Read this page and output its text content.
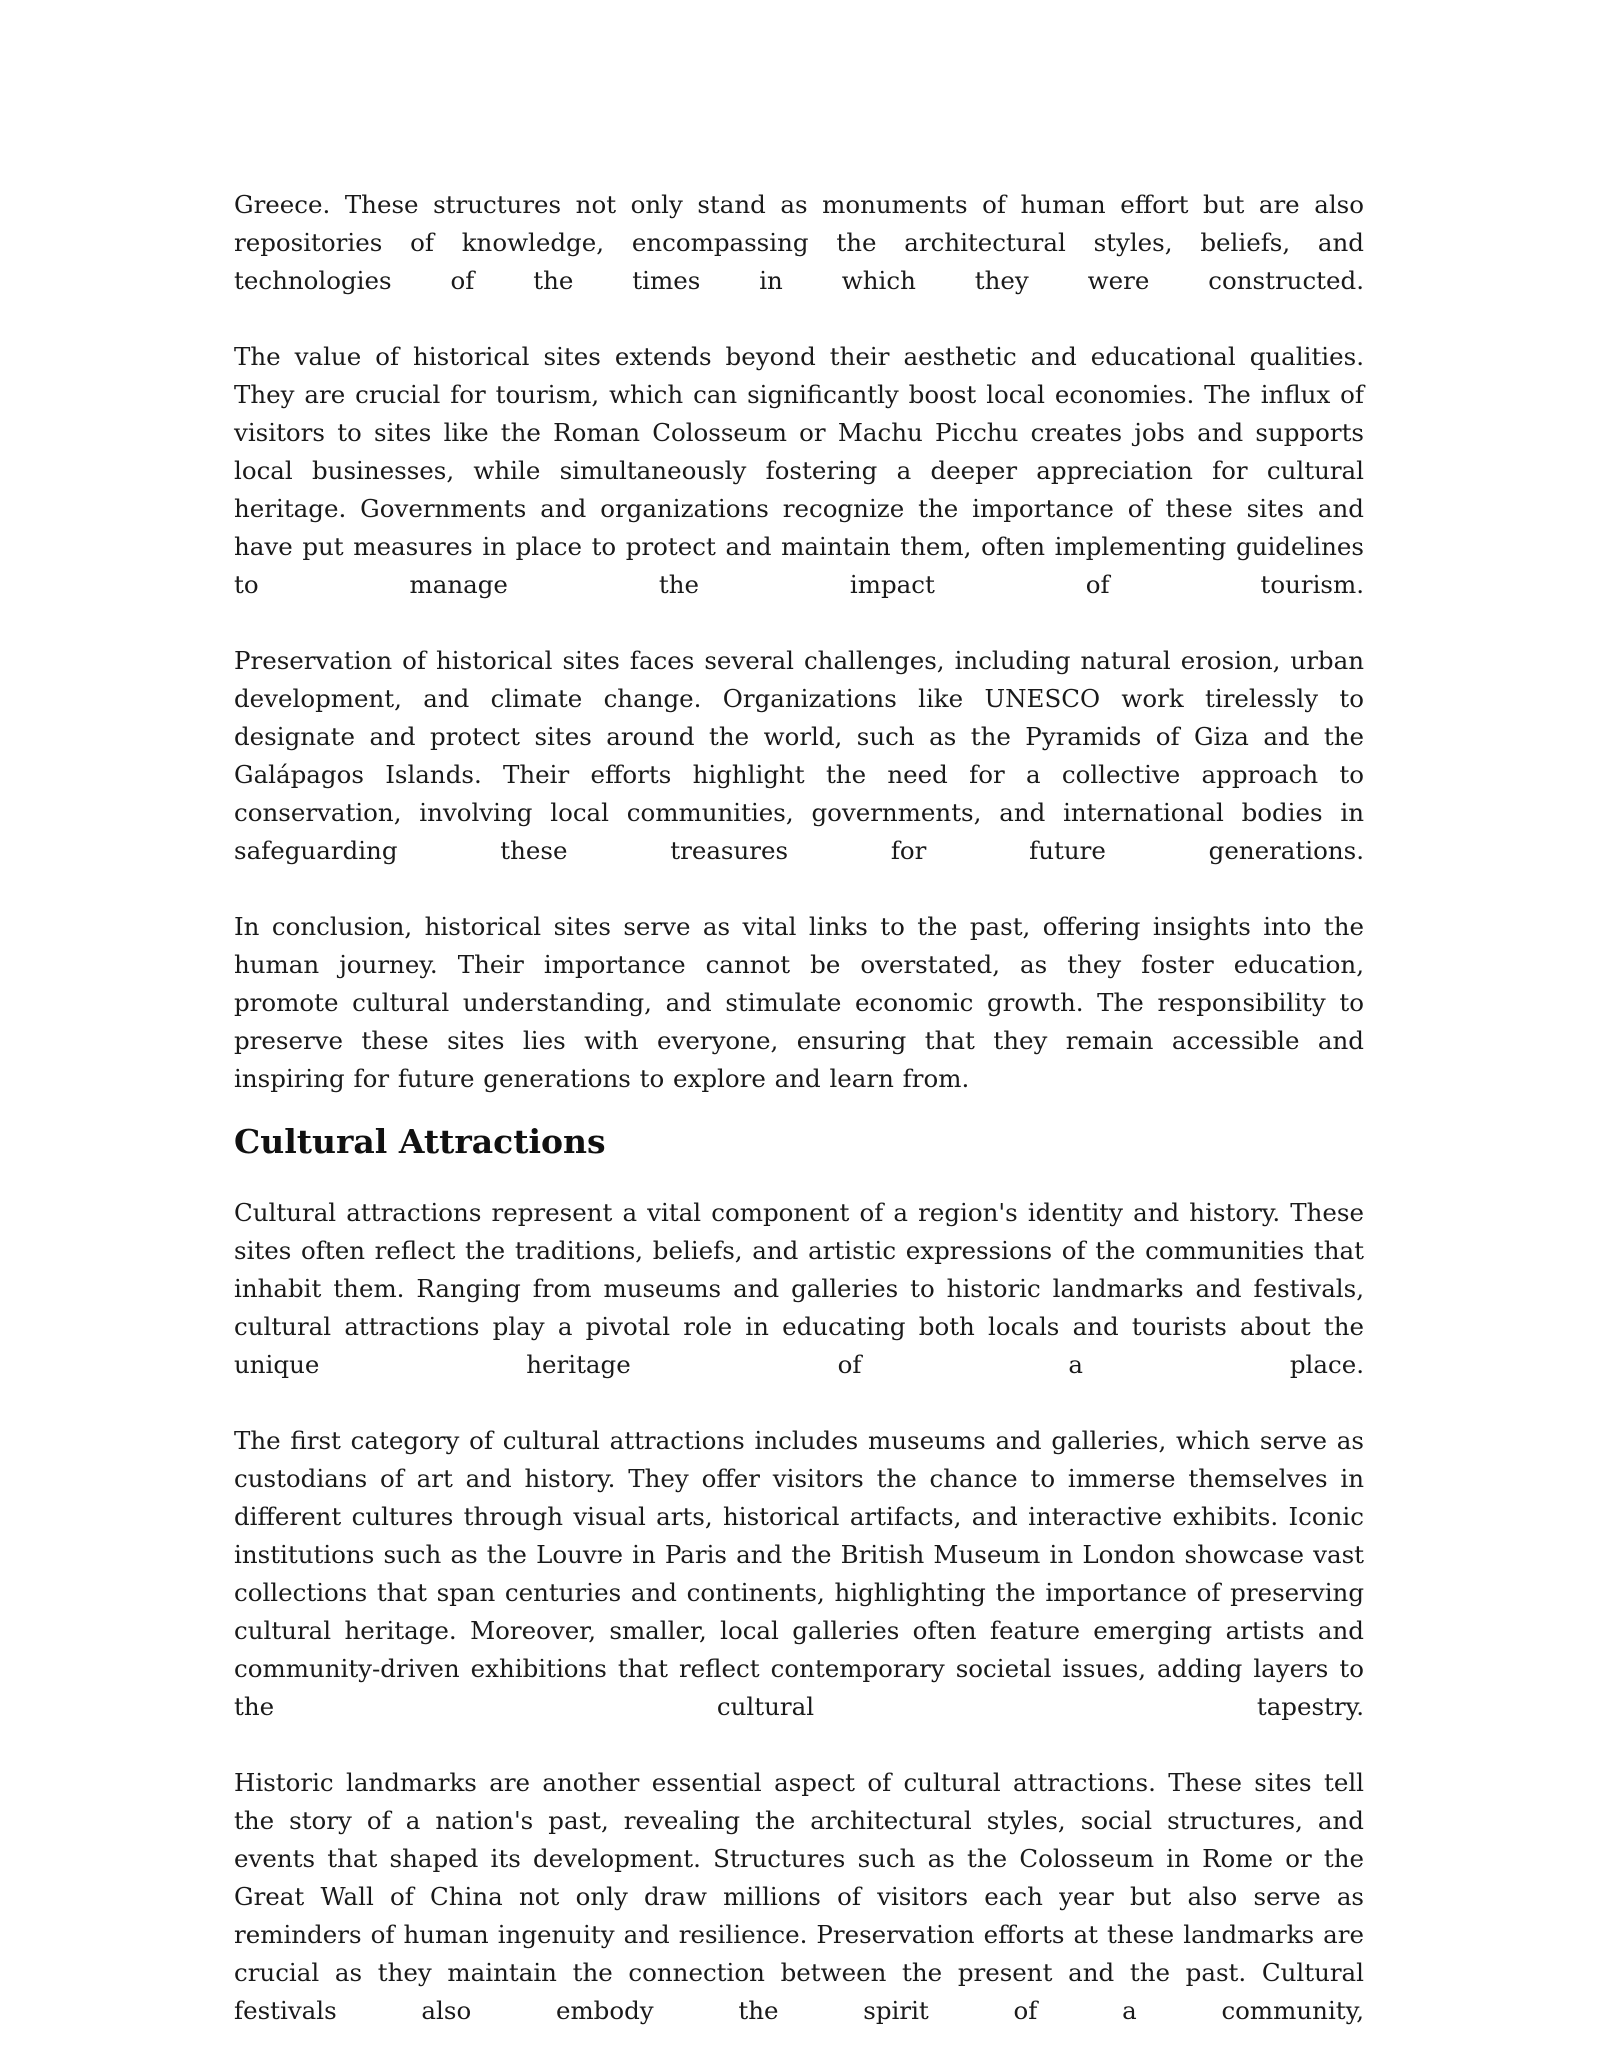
Greece. These structures not only stand as monuments of human effort but are also repositories of knowledge, encompassing the architectural styles, beliefs, and technologies of the times in which they were constructed.

The value of historical sites extends beyond their aesthetic and educational qualities. They are crucial for tourism, which can significantly boost local economies. The influx of visitors to sites like the Roman Colosseum or Machu Picchu creates jobs and supports local businesses, while simultaneously fostering a deeper appreciation for cultural heritage. Governments and organizations recognize the importance of these sites and have put measures in place to protect and maintain them, often implementing guidelines to manage the impact of tourism.

Preservation of historical sites faces several challenges, including natural erosion, urban development, and climate change. Organizations like UNESCO work tirelessly to designate and protect sites around the world, such as the Pyramids of Giza and the Galápagos Islands. Their efforts highlight the need for a collective approach to conservation, involving local communities, governments, and international bodies in safeguarding these treasures for future generations.

In conclusion, historical sites serve as vital links to the past, offering insights into the human journey. Their importance cannot be overstated, as they foster education, promote cultural understanding, and stimulate economic growth. The responsibility to preserve these sites lies with everyone, ensuring that they remain accessible and inspiring for future generations to explore and learn from.

Cultural Attractions

Cultural attractions represent a vital component of a region's identity and history. These sites often reflect the traditions, beliefs, and artistic expressions of the communities that inhabit them. Ranging from museums and galleries to historic landmarks and festivals, cultural attractions play a pivotal role in educating both locals and tourists about the unique heritage of a place.

The first category of cultural attractions includes museums and galleries, which serve as custodians of art and history. They offer visitors the chance to immerse themselves in different cultures through visual arts, historical artifacts, and interactive exhibits. Iconic institutions such as the Louvre in Paris and the British Museum in London showcase vast collections that span centuries and continents, highlighting the importance of preserving cultural heritage. Moreover, smaller, local galleries often feature emerging artists and community-driven exhibitions that reflect contemporary societal issues, adding layers to the cultural tapestry.

Historic landmarks are another essential aspect of cultural attractions. These sites tell the story of a nation's past, revealing the architectural styles, social structures, and events that shaped its development. Structures such as the Colosseum in Rome or the Great Wall of China not only draw millions of visitors each year but also serve as reminders of human ingenuity and resilience. Preservation efforts at these landmarks are crucial as they maintain the connection between the present and the past. Cultural festivals also embody the spirit of a community,
